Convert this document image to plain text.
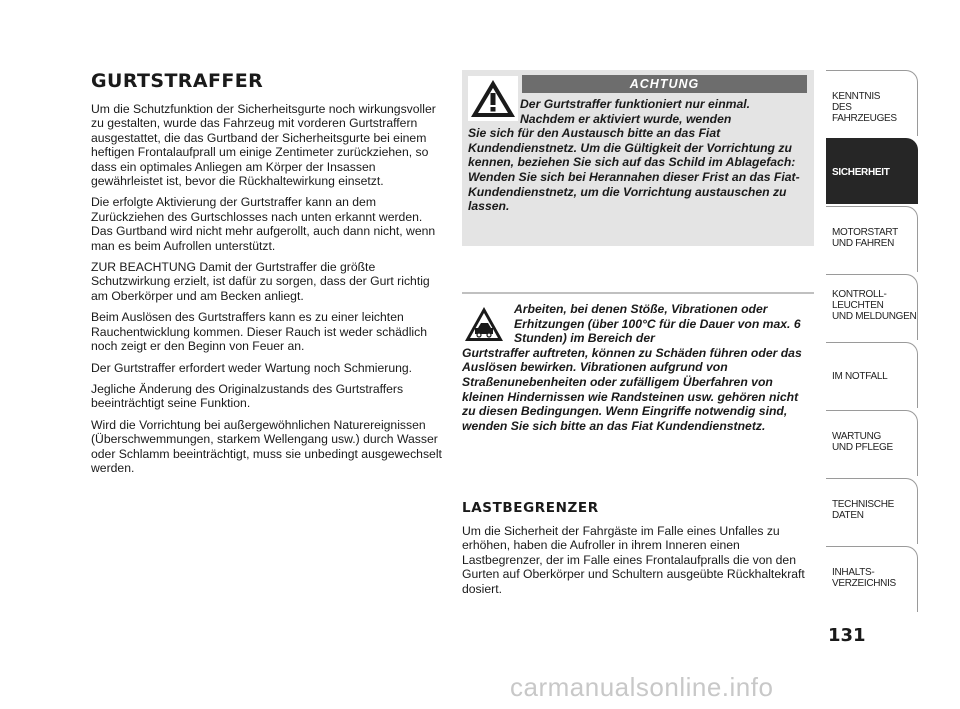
GURTSTRAFFER

Um die Schutzfunktion der Sicherheitsgurte noch wirkungsvoller zu gestalten, wurde das Fahrzeug mit vorderen Gurtstraffern ausgestattet, die das Gurtband der Sicherheitsgurte bei einem heftigen Frontalaufprall um einige Zentimeter zurückziehen, so dass ein optimales Anliegen am Körper der Insassen gewährleistet ist, bevor die Rückhaltewirkung einsetzt.

Die erfolgte Aktivierung der Gurtstraffer kann an dem Zurückziehen des Gurtschlosses nach unten erkannt werden. Das Gurtband wird nicht mehr aufgerollt, auch dann nicht, wenn man es beim Aufrollen unterstützt.

ZUR BEACHTUNG Damit der Gurtstraffer die größte Schutzwirkung erzielt, ist dafür zu sorgen, dass der Gurt richtig am Oberkörper und am Becken anliegt.

Beim Auslösen des Gurtstraffers kann es zu einer leichten Rauchentwicklung kommen. Dieser Rauch ist weder schädlich noch zeigt er den Beginn von Feuer an.

Der Gurtstraffer erfordert weder Wartung noch Schmierung.

Jegliche Änderung des Originalzustands des Gurtstraffers beeinträchtigt seine Funktion.

Wird die Vorrichtung bei außergewöhnlichen Naturereignissen (Überschwemmungen, starkem Wellengang usw.) durch Wasser oder Schlamm beeinträchtigt, muss sie unbedingt ausgewechselt werden.

ACHTUNG
Der Gurtstraffer funktioniert nur einmal. Nachdem er aktiviert wurde, wenden
Sie sich für den Austausch bitte an das Fiat Kundendienstnetz. Um die Gültigkeit der Vorrichtung zu kennen, beziehen Sie sich auf das Schild im Ablagefach: Wenden Sie sich bei Herannahen dieser Frist an das Fiat-Kundendienstnetz, um die Vorrichtung austauschen zu lassen.
Arbeiten, bei denen Stöße, Vibrationen oder Erhitzungen (über 100°C für die Dauer von max. 6 Stunden) im Bereich der
Gurtstraffer auftreten, können zu Schäden führen oder das Auslösen bewirken. Vibrationen aufgrund von Straßenunebenheiten oder zufälligem Überfahren von kleinen Hindernissen wie Randsteinen usw. gehören nicht zu diesen Bedingungen. Wenn Eingriffe notwendig sind, wenden Sie sich bitte an das Fiat Kundendienstnetz.
LASTBEGRENZER

Um die Sicherheit der Fahrgäste im Falle eines Unfalles zu erhöhen, haben die Aufroller in ihrem Inneren einen Lastbegrenzer, der im Falle eines Frontalaufpralls die von den Gurten auf Oberkörper und Schultern ausgeübte Rückhaltekraft dosiert.

KENNTNIS
DES FAHRZEUGES
SICHERHEIT
MOTORSTART
UND FAHREN
KONTROLL-
LEUCHTEN
UND MELDUNGEN
IM NOTFALL
WARTUNG
UND PFLEGE
TECHNISCHE
DATEN
INHALTS-
VERZEICHNIS
131
carmanualsonline.info
